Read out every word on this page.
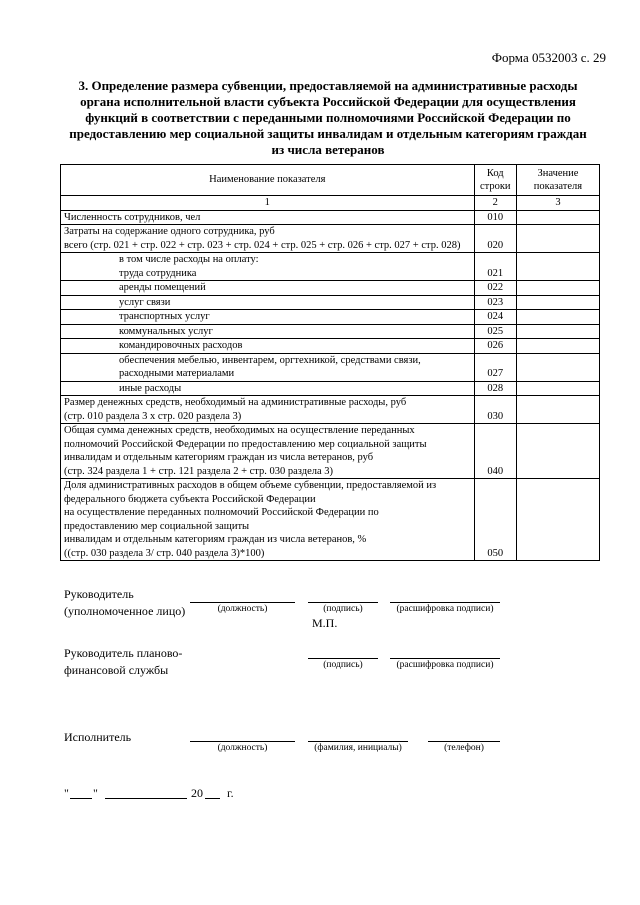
Форма 0532003 с. 29
3. Определение размера субвенции, предоставляемой на административные расходы органа исполнительной власти субъекта Российской Федерации для осуществления функций в соответствии с переданными полномочиями Российской Федерации по предоставлению мер социальной защиты инвалидам и отдельным категориям граждан из числа ветеранов
Наименование показателя	Код строки	Значение показателя
1	2	3
Численность сотрудников, чел	010	
Затраты на содержание одного сотрудника, руб
всего (стр. 021 + стр. 022 + стр. 023 + стр. 024 + стр. 025 + стр. 026 + стр. 027 + стр. 028)	020	
в том числе расходы на оплату:
труда сотрудника	021	
аренды помещений	022	
услуг связи	023	
транспортных услуг	024	
коммунальных услуг	025	
командировочных расходов	026	
обеспечения мебелью, инвентарем, оргтехникой, средствами связи, расходными материалами	027	
иные расходы	028	
Размер денежных средств, необходимый на административные расходы, руб
(стр. 010 раздела 3 х стр. 020 раздела 3)	030	
Общая сумма денежных средств, необходимых на осуществление переданных полномочий Российской Федерации по предоставлению мер социальной защиты инвалидам и отдельным категориям граждан из числа ветеранов, руб
(стр. 324 раздела 1 + стр. 121 раздела 2 + стр. 030 раздела 3)	040	
Доля административных расходов в общем объеме субвенции, предоставляемой из федерального бюджета субъекта Российской Федерации
на осуществление переданных полномочий Российской Федерации по
предоставлению мер социальной защиты
инвалидам и отдельным категориям граждан из числа ветеранов, %
((стр. 030 раздела 3/ стр. 040 раздела 3)*100)	050	
Руководитель
(уполномоченное лицо)	(должность)	(подпись)	(расшифровка подписи)
М.П.
Руководитель планово-
финансовой службы	(подпись)	(расшифровка подписи)
Исполнитель
(должность)	(фамилия, инициалы)	(телефон)
" "	20 г.
